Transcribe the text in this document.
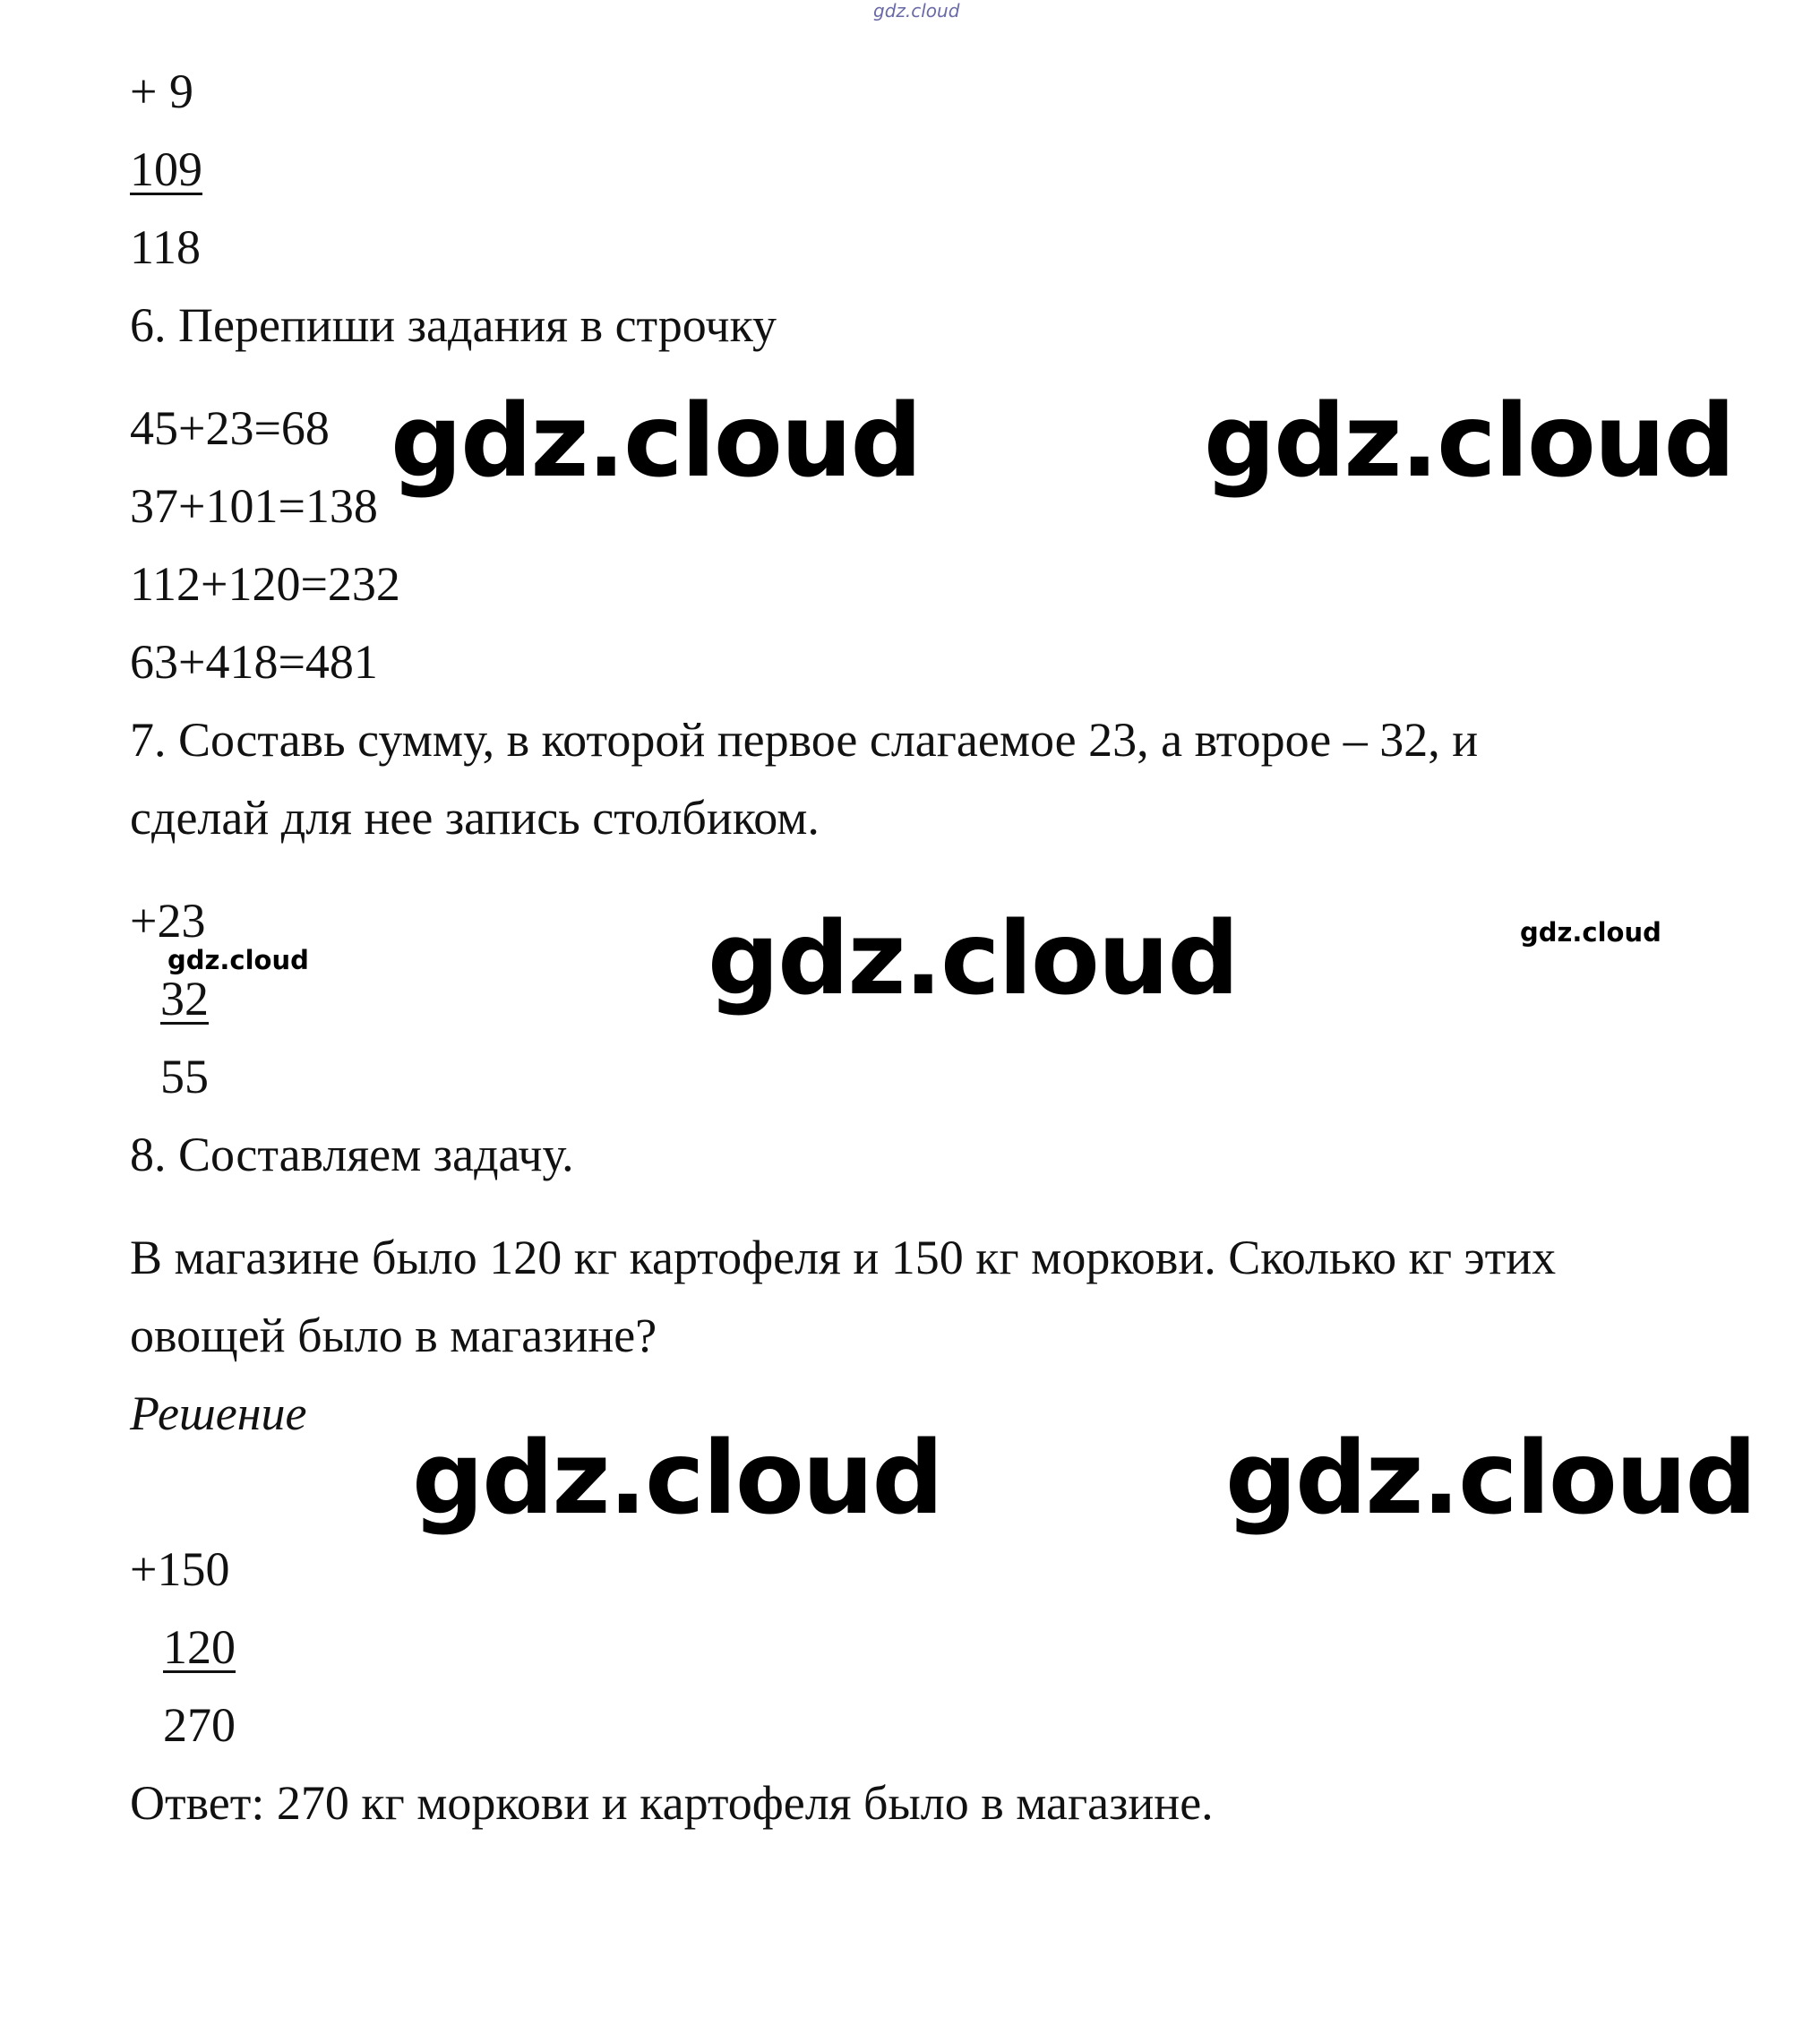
gdz.cloud
+ 9
109
118
6. Перепиши задания в строчку
45+23=68
37+101=138
112+120=232
63+418=481
gdz.cloud	gdz.cloud
7. Составь сумму, в которой первое слагаемое 23, а второе – 32, и
сделай для нее запись столбиком.
+23
32
55
gdz.cloud	gdz.cloud	gdz.cloud
8. Составляем задачу.
В магазине было 120 кг картофеля и 150 кг моркови. Сколько кг этих
овощей было в магазине?
Решение
gdz.cloud	gdz.cloud
+150
120
270
Ответ: 270 кг моркови и картофеля было в магазине.
